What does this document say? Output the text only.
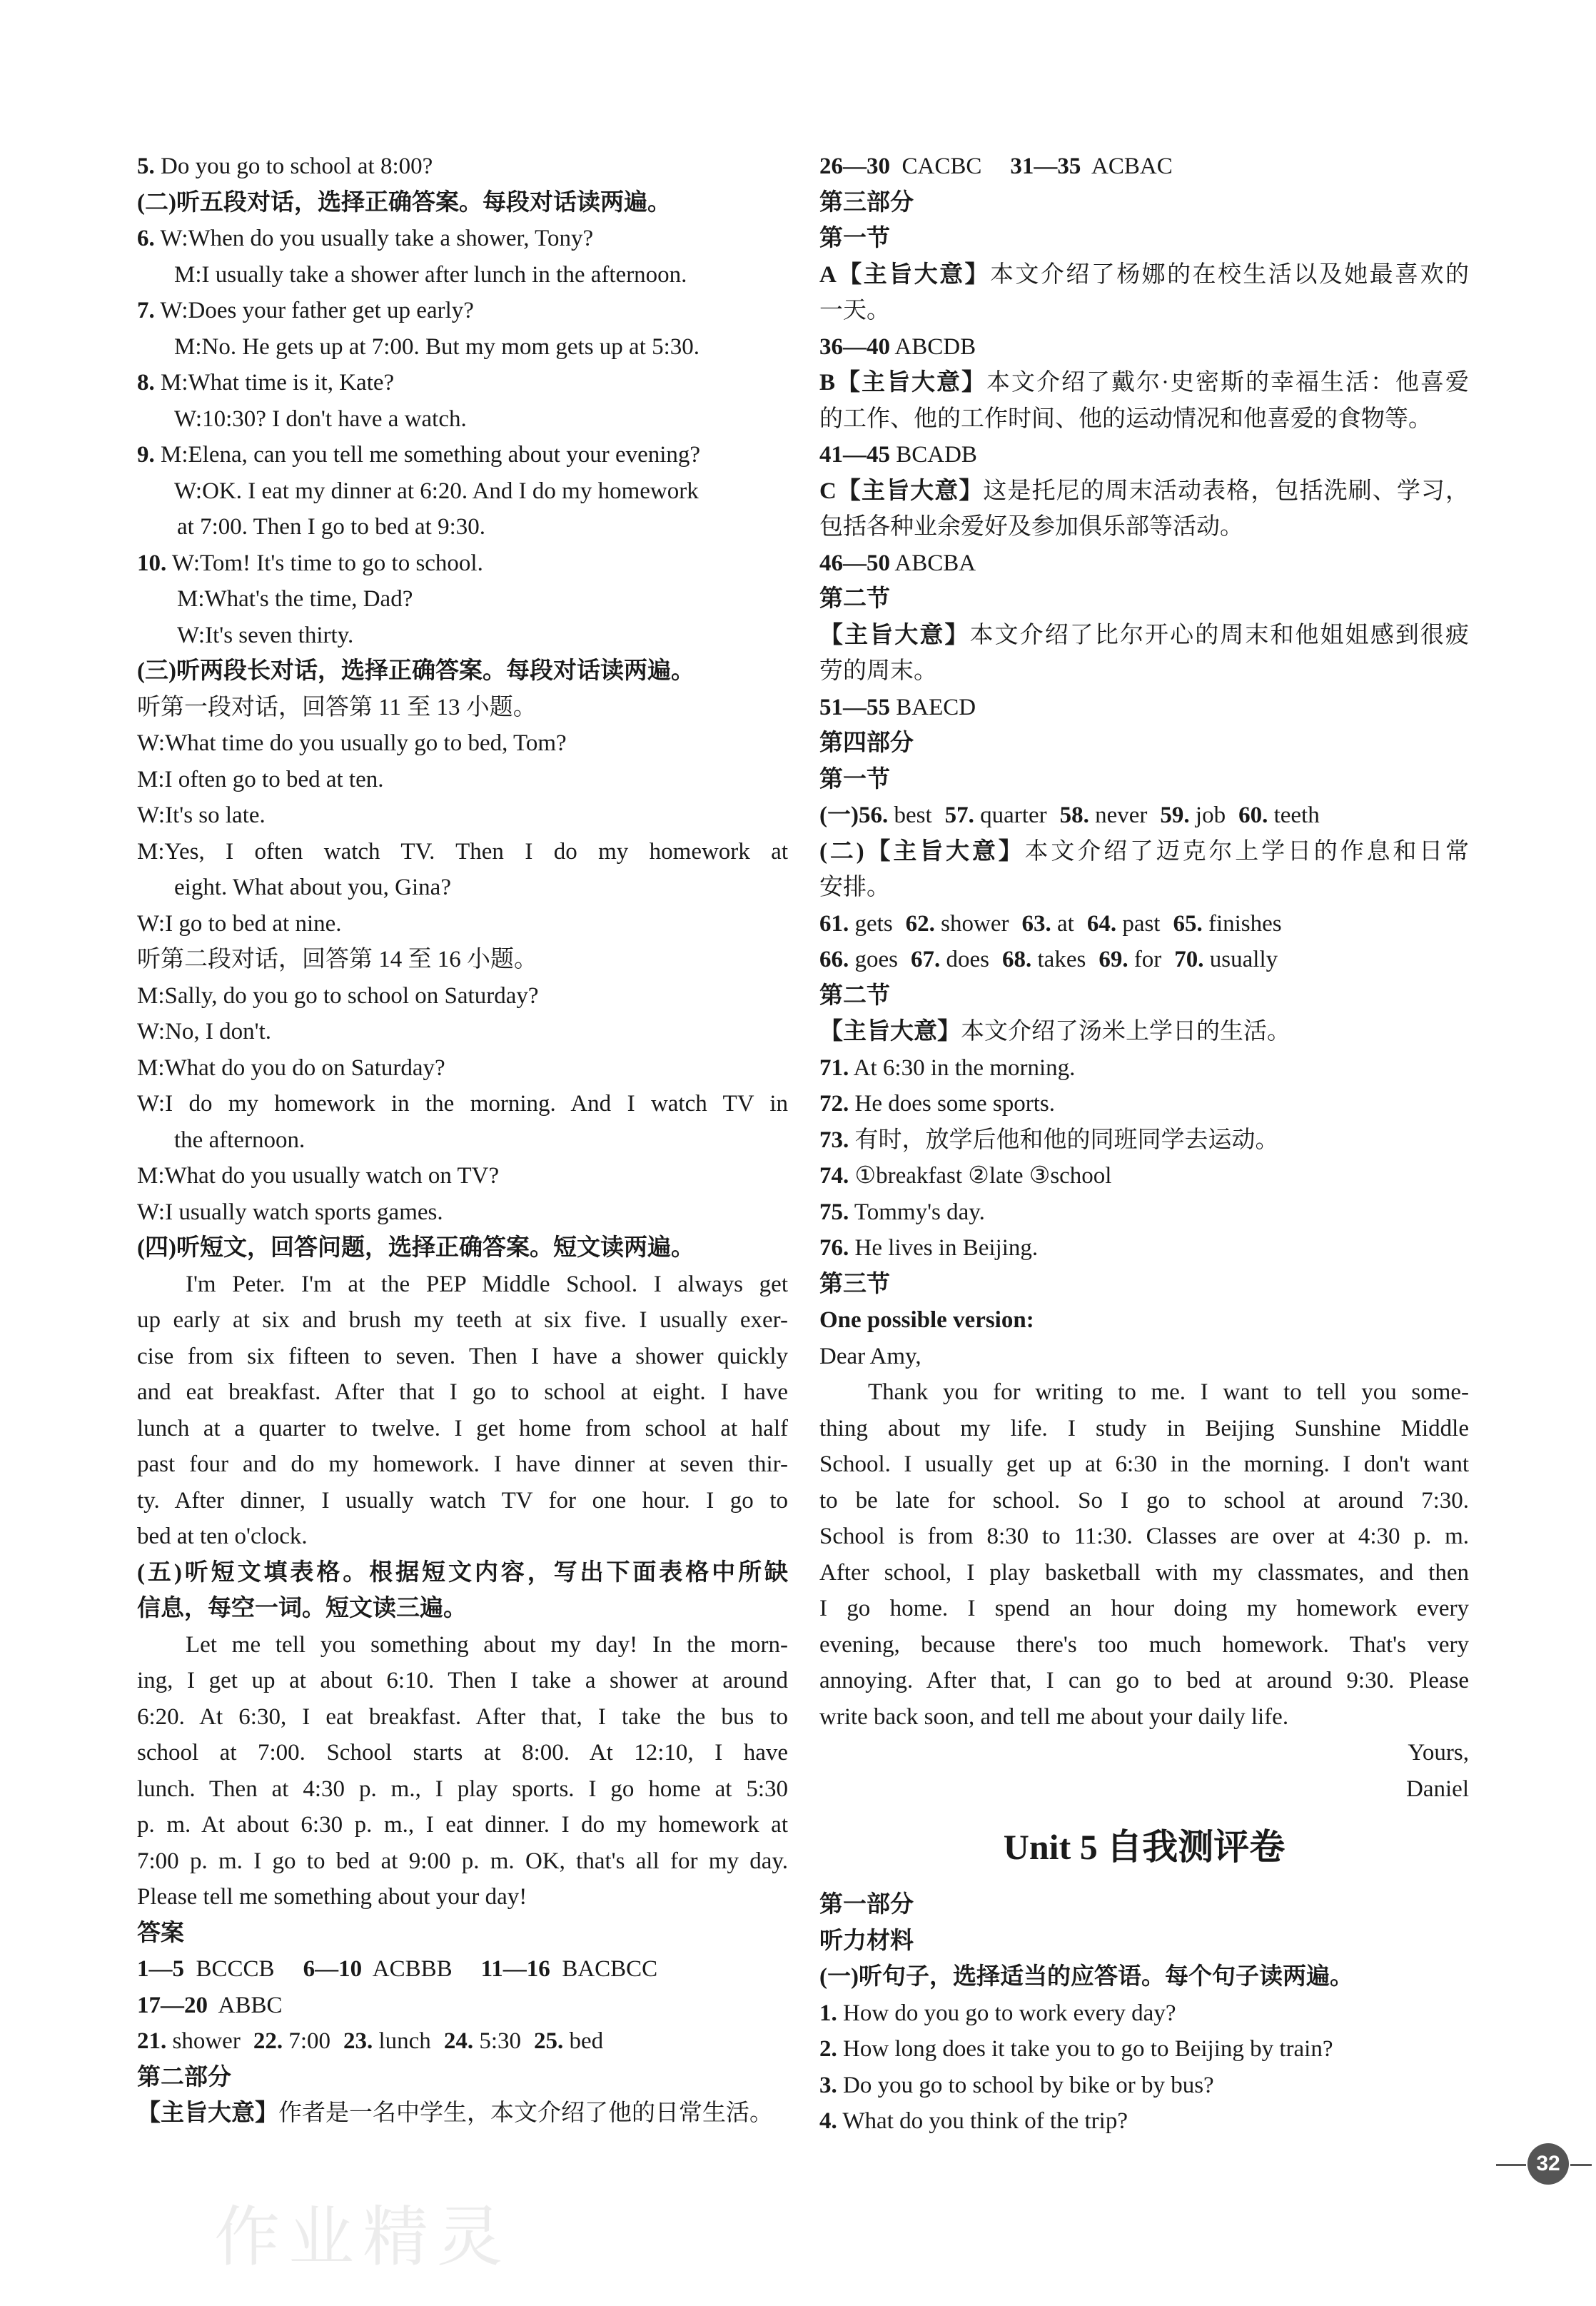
5. Do you go to school at 8:00?
(二)听五段对话，选择正确答案。每段对话读两遍。
6. W:When do you usually take a shower, Tony?
M:I usually take a shower after lunch in the afternoon.
7. W:Does your father get up early?
M:No. He gets up at 7:00. But my mom gets up at 5:30.
8. M:What time is it, Kate?
W:10:30? I don't have a watch.
9. M:Elena, can you tell me something about your evening?
W:OK. I eat my dinner at 6:20. And I do my homework
at 7:00. Then I go to bed at 9:30.
10. W:Tom! It's time to go to school.
M:What's the time, Dad?
W:It's seven thirty.
(三)听两段长对话，选择正确答案。每段对话读两遍。
听第一段对话，回答第 11 至 13 小题。
W:What time do you usually go to bed, Tom?
M:I often go to bed at ten.
W:It's so late.
M:Yes, I often watch TV. Then I do my homework at
eight. What about you, Gina?
W:I go to bed at nine.
听第二段对话，回答第 14 至 16 小题。
M:Sally, do you go to school on Saturday?
W:No, I don't.
M:What do you do on Saturday?
W:I do my homework in the morning. And I watch TV in
the afternoon.
M:What do you usually watch on TV?
W:I usually watch sports games.
(四)听短文，回答问题，选择正确答案。短文读两遍。
I'm Peter. I'm at the PEP Middle School. I always get
up early at six and brush my teeth at six five. I usually exer-
cise from six fifteen to seven. Then I have a shower quickly
and eat breakfast. After that I go to school at eight. I have
lunch at a quarter to twelve. I get home from school at half
past four and do my homework. I have dinner at seven thir-
ty. After dinner, I usually watch TV for one hour. I go to
bed at ten o'clock.
(五)听短文填表格。根据短文内容，写出下面表格中所缺
信息，每空一词。短文读三遍。
Let me tell you something about my day! In the morn-
ing, I get up at about 6:10. Then I take a shower at around
6:20. At 6:30, I eat breakfast. After that, I take the bus to
school at 7:00. School starts at 8:00. At 12:10, I have
lunch. Then at 4:30 p. m., I play sports. I go home at 5:30
p. m. At about 6:30 p. m., I eat dinner. I do my homework at
7:00 p. m. I go to bed at 9:00 p. m. OK, that's all for my day.
Please tell me something about your day!
答案
1—5  BCCCB 6—10  ACBBB 11—16  BACBCC
17—20  ABBC
21. shower 22. 7:00 23. lunch 24. 5:30 25. bed
第二部分
【主旨大意】作者是一名中学生，本文介绍了他的日常生活。
26—30  CACBC 31—35  ACBAC
第三部分
第一节
A【主旨大意】本文介绍了杨娜的在校生活以及她最喜欢的
一天。
36—40 ABCDB
B【主旨大意】本文介绍了戴尔·史密斯的幸福生活：他喜爱
的工作、他的工作时间、他的运动情况和他喜爱的食物等。
41—45 BCADB
C【主旨大意】这是托尼的周末活动表格，包括洗刷、学习，
包括各种业余爱好及参加俱乐部等活动。
46—50 ABCBA
第二节
【主旨大意】本文介绍了比尔开心的周末和他姐姐感到很疲
劳的周末。
51—55 BAECD
第四部分
第一节
(一)56. best 57. quarter 58. never 59. job 60. teeth
(二)【主旨大意】本文介绍了迈克尔上学日的作息和日常
安排。
61. gets 62. shower 63. at 64. past 65. finishes
66. goes 67. does 68. takes 69. for 70. usually
第二节
【主旨大意】本文介绍了汤米上学日的生活。
71. At 6:30 in the morning.
72. He does some sports.
73. 有时，放学后他和他的同班同学去运动。
74. ①breakfast ②late ③school
75. Tommy's day.
76. He lives in Beijing.
第三节
One possible version:
Dear Amy,
Thank you for writing to me. I want to tell you some-
thing about my life. I study in Beijing Sunshine Middle
School. I usually get up at 6:30 in the morning. I don't want
to be late for school. So I go to school at around 7:30.
School is from 8:30 to 11:30. Classes are over at 4:30 p. m.
After school, I play basketball with my classmates, and then
I go home. I spend an hour doing my homework every
evening, because there's too much homework. That's very
annoying. After that, I can go to bed at around 9:30. Please
write back soon, and tell me about your daily life.
Yours,
Daniel
Unit 5 自我测评卷
第一部分
听力材料
(一)听句子，选择适当的应答语。每个句子读两遍。
1. How do you go to work every day?
2. How long does it take you to go to Beijing by train?
3. Do you go to school by bike or by bus?
4. What do you think of the trip?
32
作业精灵
